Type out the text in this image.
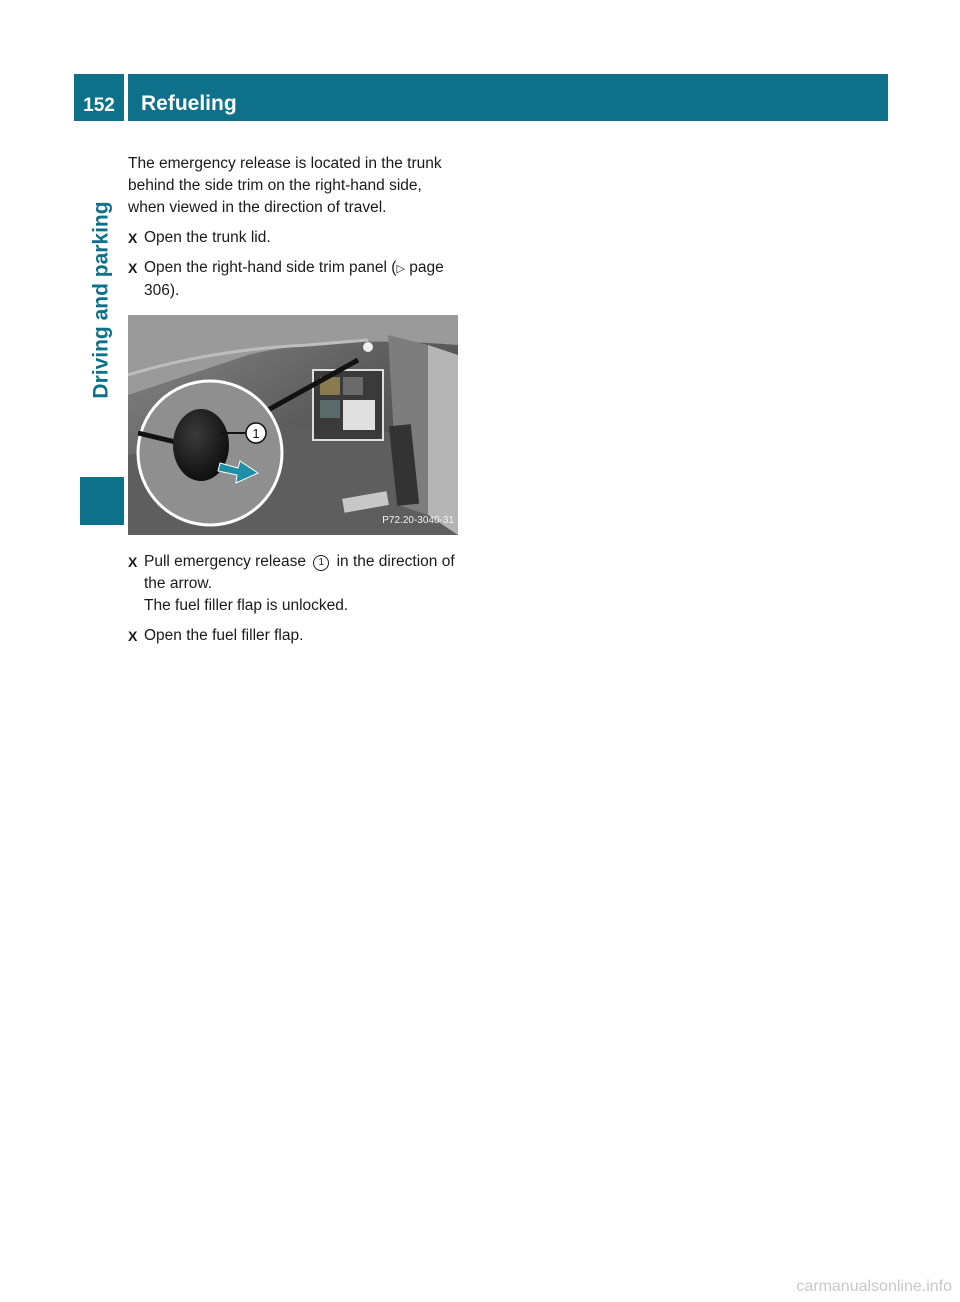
152	Refueling
Driving and parking

The emergency release is located in the trunk behind the side trim on the right-hand side, when viewed in the direction of travel.

X Open the trunk lid.
X Open the right-hand side trim panel (▷ page 306).
1
P72.20-3040-31
X Pull emergency release 1 in the direction of the arrow.
The fuel filler flap is unlocked.
X Open the fuel filler flap.
carmanualsonline.info
